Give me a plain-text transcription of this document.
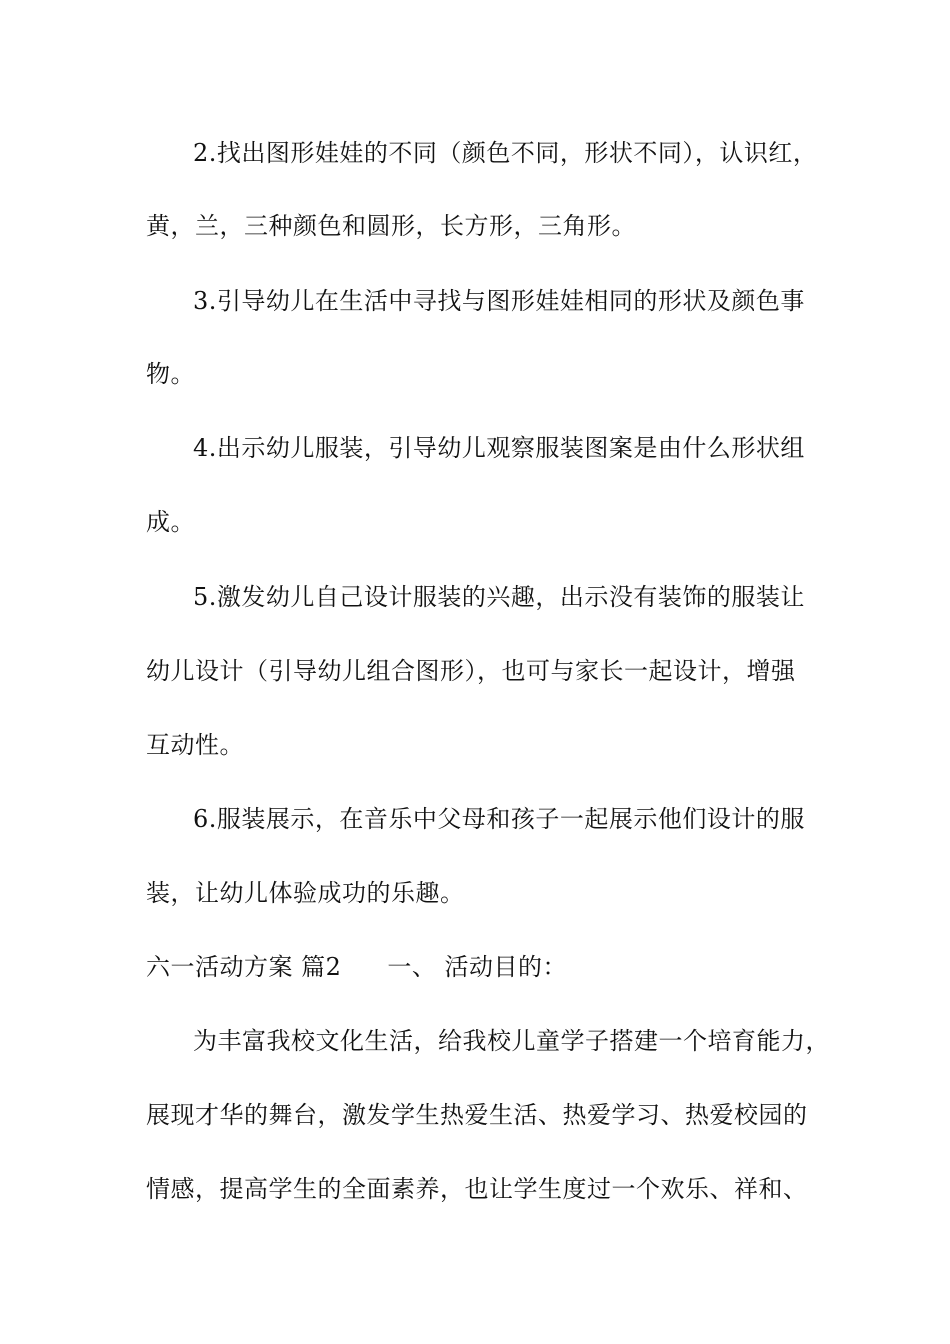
2.找出图形娃娃的不同（颜色不同，形状不同），认识红，
黄，兰，三种颜色和圆形，长方形，三角形。
3.引导幼儿在生活中寻找与图形娃娃相同的形状及颜色事
物。
4.出示幼儿服装，引导幼儿观察服装图案是由什么形状组
成。
5.激发幼儿自己设计服装的兴趣，出示没有装饰的服装让
幼儿设计（引导幼儿组合图形），也可与家长一起设计，增强
互动性。
6.服装展示，在音乐中父母和孩子一起展示他们设计的服
装，让幼儿体验成功的乐趣。
六一活动方案 篇2 一、 活动目的：
为丰富我校文化生活，给我校儿童学子搭建一个培育能力，
展现才华的舞台，激发学生热爱生活、热爱学习、热爱校园的
情感，提高学生的全面素养，也让学生度过一个欢乐、祥和、
